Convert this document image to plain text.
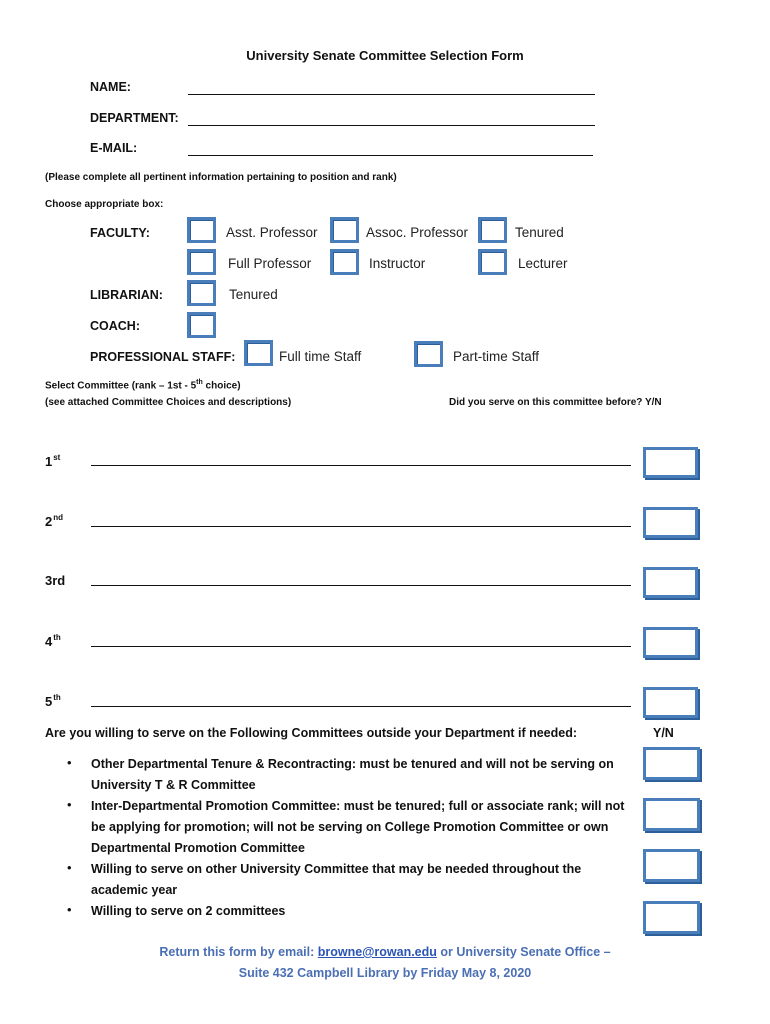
University Senate Committee Selection Form
NAME:
DEPARTMENT:
E-MAIL:
(Please complete all pertinent information pertaining to position and rank)
Choose appropriate box:
FACULTY:	Asst. Professor	Assoc. Professor	Tenured
Full Professor	Instructor	Lecturer
LIBRARIAN:	Tenured
COACH:
PROFESSIONAL STAFF:	Full time Staff	Part-time Staff
Select Committee (rank – 1st - 5th choice)
(see attached Committee Choices and descriptions)	Did you serve on this committee before? Y/N
1st
2nd
3rd
4th
5th
Are you willing to serve on the Following Committees outside your Department if needed:	Y/N
• Other Departmental Tenure & Recontracting: must be tenured and will not be serving on University T & R Committee
• Inter-Departmental Promotion Committee: must be tenured; full or associate rank; will not be applying for promotion; will not be serving on College Promotion Committee or own Departmental Promotion Committee
• Willing to serve on other University Committee that may be needed throughout the academic year
• Willing to serve on 2 committees
Return this form by email: browne@rowan.edu or University Senate Office –
Suite 432 Campbell Library by Friday May 8, 2020
